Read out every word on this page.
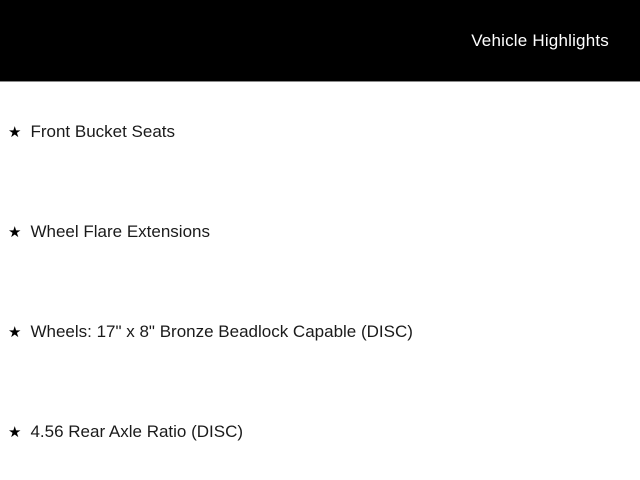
Vehicle Highlights
★ Front Bucket Seats
★ Wheel Flare Extensions
★ Wheels: 17" x 8" Bronze Beadlock Capable (DISC)
★ 4.56 Rear Axle Ratio (DISC)
